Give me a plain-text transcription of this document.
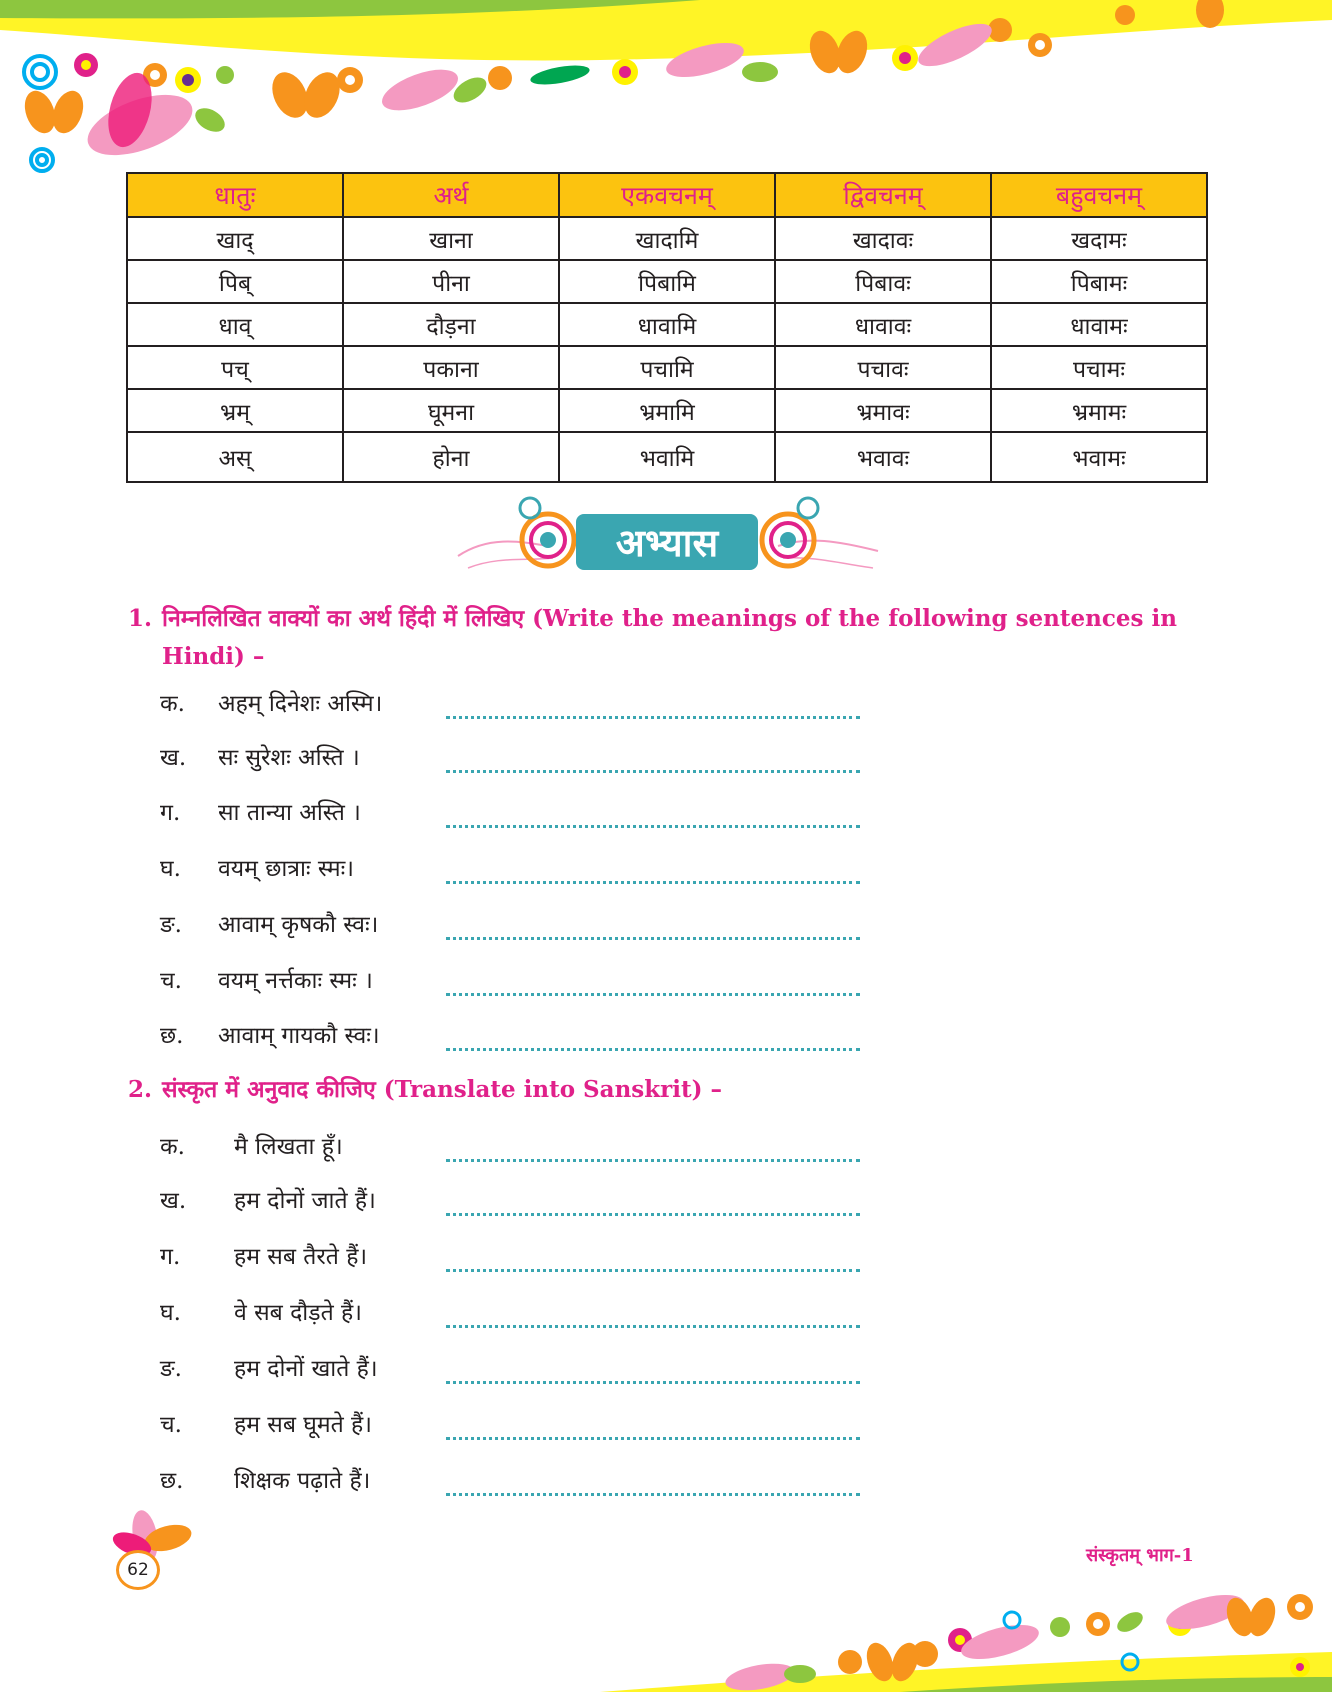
धातुः	अर्थ	एकवचनम्	द्विवचनम्	बहुवचनम्
खाद्	खाना	खादामि	खादावः	खदामः
पिब्	पीना	पिबामि	पिबावः	पिबामः
धाव्	दौड़ना	धावामि	धावावः	धावामः
पच्	पकाना	पचामि	पचावः	पचामः
भ्रम्	घूमना	भ्रमामि	भ्रमावः	भ्रमामः
अस्	होना	भवामि	भवावः	भवामः
अभ्यास
1. निम्नलिखित वाक्यों का अर्थ हिंदी में लिखिए (Write the meanings of the following sentences in
Hindi) –
क.	अहम् दिनेशः अस्मि।
ख.	सः सुरेशः अस्ति ।
ग.	सा तान्या अस्ति ।
घ.	वयम् छात्राः स्मः।
ङ.	आवाम् कृषकौ स्वः।
च.	वयम् नर्त्तकाः स्मः ।
छ.	आवाम् गायकौ स्वः।
2. संस्कृत में अनुवाद कीजिए (Translate into Sanskrit) –
क.	मै लिखता हूँ।
ख.	हम दोनों जाते हैं।
ग.	हम सब तैरते हैं।
घ.	वे सब दौड़ते हैं।
ङ.	हम दोनों खाते हैं।
च.	हम सब घूमते हैं।
छ.	शिक्षक पढ़ाते हैं।
62
संस्कृतम् भाग-1
